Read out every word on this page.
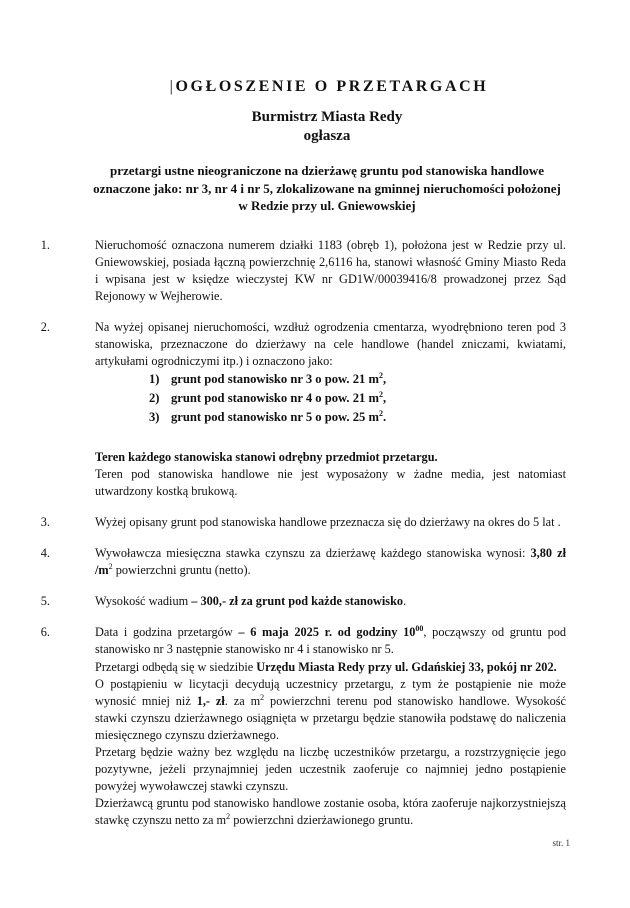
|OGŁOSZENIE O PRZETARGACH
Burmistrz Miasta Redy
ogłasza
przetargi ustne nieograniczone na dzierżawę gruntu pod stanowiska handlowe
oznaczone jako: nr 3, nr 4 i nr 5, zlokalizowane na gminnej nieruchomości położonej
w Redzie przy ul. Gniewowskiej
1.	Nieruchomość oznaczona numerem działki 1183 (obręb 1), położona jest w Redzie przy ul. Gniewowskiej, posiada łączną powierzchnię 2,6116 ha, stanowi własność Gminy Miasto Reda i wpisana jest w księdze wieczystej KW nr GD1W/00039416/8 prowadzonej przez Sąd Rejonowy w Wejherowie.
2.	Na wyżej opisanej nieruchomości, wzdłuż ogrodzenia cmentarza, wyodrębniono teren pod 3 stanowiska, przeznaczone do dzierżawy na cele handlowe (handel zniczami, kwiatami, artykułami ogrodniczymi itp.) i oznaczono jako:
1) grunt pod stanowisko nr 3 o pow. 21 $m^2$,
2) grunt pod stanowisko nr 4 o pow. 21 $m^2$,
3) grunt pod stanowisko nr 5 o pow. 25 $m^2$.
Teren każdego stanowiska stanowi odrębny przedmiot przetargu.
Teren pod stanowiska handlowe nie jest wyposażony w żadne media, jest natomiast utwardzony kostką brukową.
3.	Wyżej opisany grunt pod stanowiska handlowe przeznacza się do dzierżawy na okres do 5 lat .
4.	Wywoławcza miesięczna stawka czynszu za dzierżawę każdego stanowiska wynosi: 3,80 zł $/m^2$ powierzchni gruntu (netto).
5.	Wysokość wadium – 300,- zł za grunt pod każde stanowisko.
6.	Data i godzina przetargów – 6 maja 2025 r. od godziny $10^{00}$, począwszy od gruntu pod stanowisko nr 3 następnie stanowisko nr 4 i stanowisko nr 5.
Przetargi odbędą się w siedzibie Urzędu Miasta Redy przy ul. Gdańskiej 33, pokój nr 202.
O postąpieniu w licytacji decydują uczestnicy przetargu, z tym że postąpienie nie może wynosić mniej niż 1,- zł. za $m^2$ powierzchni terenu pod stanowisko handlowe. Wysokość stawki czynszu dzierżawnego osiągnięta w przetargu będzie stanowiła podstawę do naliczenia miesięcznego czynszu dzierżawnego.
Przetarg będzie ważny bez względu na liczbę uczestników przetargu, a rozstrzygnięcie jego pozytywne, jeżeli przynajmniej jeden uczestnik zaoferuje co najmniej jedno postąpienie powyżej wywoławczej stawki czynszu.
Dzierżawcą gruntu pod stanowisko handlowe zostanie osoba, która zaoferuje najkorzystniejszą stawkę czynszu netto za $m^2$ powierzchni dzierżawionego gruntu.
str. 1
